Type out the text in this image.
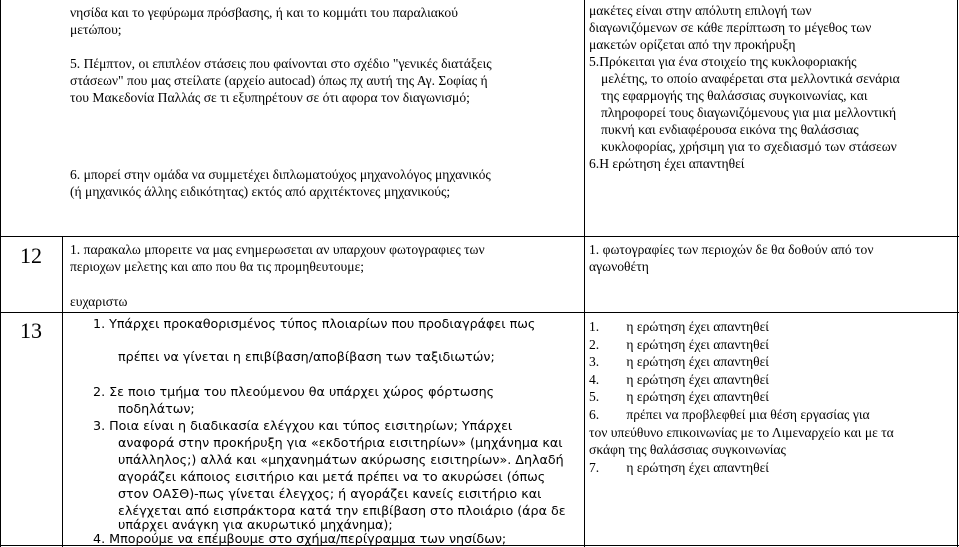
νησίδα και το γεφύρωμα πρόσβασης, ή και το κομμάτι του παραλιακού
μετώπου;
5. Πέμπτον, οι επιπλέον στάσεις που φαίνονται στο σχέδιο "γενικές διατάξεις
στάσεων" που μας στείλατε (αρχείο autocad) όπως πχ αυτή της Αγ. Σοφίας ή
του Μακεδονία Παλλάς σε τι εξυπηρέτουν σε ότι αφορα τον διαγωνισμό;
6. μπορεί στην ομάδα να συμμετέχει διπλωματούχος μηχανολόγος μηχανικός
(ή μηχανικός άλλης ειδικότητας) εκτός από αρχιτέκτονες μηχανικούς;
μακέτες είναι στην απόλυτη επιλογή των
διαγωνιζόμενων σε κάθε περίπτωση το μέγεθος των
μακετών ορίζεται από την προκήρυξη
5.Πρόκειται για ένα στοιχείο της κυκλοφοριακής
μελέτης, το οποίο αναφέρεται στα μελλοντικά σενάρια
της εφαρμογής της θαλάσσιας συγκοινωνίας, και
πληροφορεί τους διαγωνιζόμενους για μια μελλοντική
πυκνή και ενδιαφέρουσα εικόνα της θαλάσσιας
κυκλοφορίας, χρήσιμη για το σχεδιασμό των στάσεων
6.Η ερώτηση έχει απαντηθεί
12 1. παρακαλω μπορειτε να μας ενημερωσεται αν υπαρχουν φωτογραφιες των
περιοχων μελετης και απο που θα τις προμηθευτουμε;
ευχαριστω
1. φωτογραφίες των περιοχών δε θα δοθούν από τον
αγωνοθέτη
13	1. Υπάρχει προκαθορισμένος τύπος πλοιαρίων που προδιαγράφει πως
πρέπει να γίνεται η επιβίβαση/αποβίβαση των ταξιδιωτών;
2. Σε ποιο τμήμα του πλεούμενου θα υπάρχει χώρος φόρτωσης
ποδηλάτων;
3. Ποια είναι η διαδικασία ελέγχου και τύπος εισιτηρίων; Υπάρχει
αναφορά στην προκήρυξη για «εκδοτήρια εισιτηρίων» (μηχάνημα και
υπάλληλος;) αλλά και «μηχανημάτων ακύρωσης εισιτηρίων». Δηλαδή
αγοράζει κάποιος εισιτήριο και μετά πρέπει να το ακυρώσει (όπως
στον ΟΑΣΘ)-πως γίνεται έλεγχος; ή αγοράζει κανείς εισιτήριο και
ελέγχεται από εισπράκτορα κατά την επιβίβαση στο πλοιάριο (άρα δε
υπάρχει ανάγκη για ακυρωτικό μηχάνημα);
4. Μπορούμε να επέμβουμε στο σχήμα/περίγραμμα των νησίδων;
1.        η ερώτηση έχει απαντηθεί
2.        η ερώτηση έχει απαντηθεί
3.        η ερώτηση έχει απαντηθεί
4.        η ερώτηση έχει απαντηθεί
5.        η ερώτηση έχει απαντηθεί
6.        πρέπει να προβλεφθεί μια θέση εργασίας για
τον υπεύθυνο επικοινωνίας με το Λιμεναρχείο και με τα
σκάφη της θαλάσσιας συγκοινωνίας
7.        η ερώτηση έχει απαντηθεί
